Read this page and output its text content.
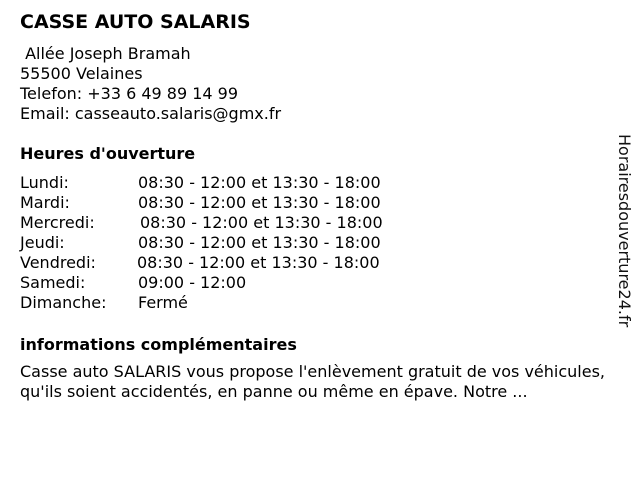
CASSE AUTO SALARIS
Allée Joseph Bramah
55500 Velaines
Telefon: +33 6 49 89 14 99
Email: casseauto.salaris@gmx.fr
Heures d'ouverture
Lundi:	08:30 - 12:00 et 13:30 - 18:00
Mardi:	08:30 - 12:00 et 13:30 - 18:00
Mercredi:	08:30 - 12:00 et 13:30 - 18:00
Jeudi:	08:30 - 12:00 et 13:30 - 18:00
Vendredi:	08:30 - 12:00 et 13:30 - 18:00
Samedi:	09:00 - 12:00
Dimanche:	Fermé
informations complémentaires
Casse auto SALARIS vous propose l'enlèvement gratuit de vos véhicules, qu'ils soient accidentés, en panne ou même en épave. Notre ...
Horairesdouverture24.fr
